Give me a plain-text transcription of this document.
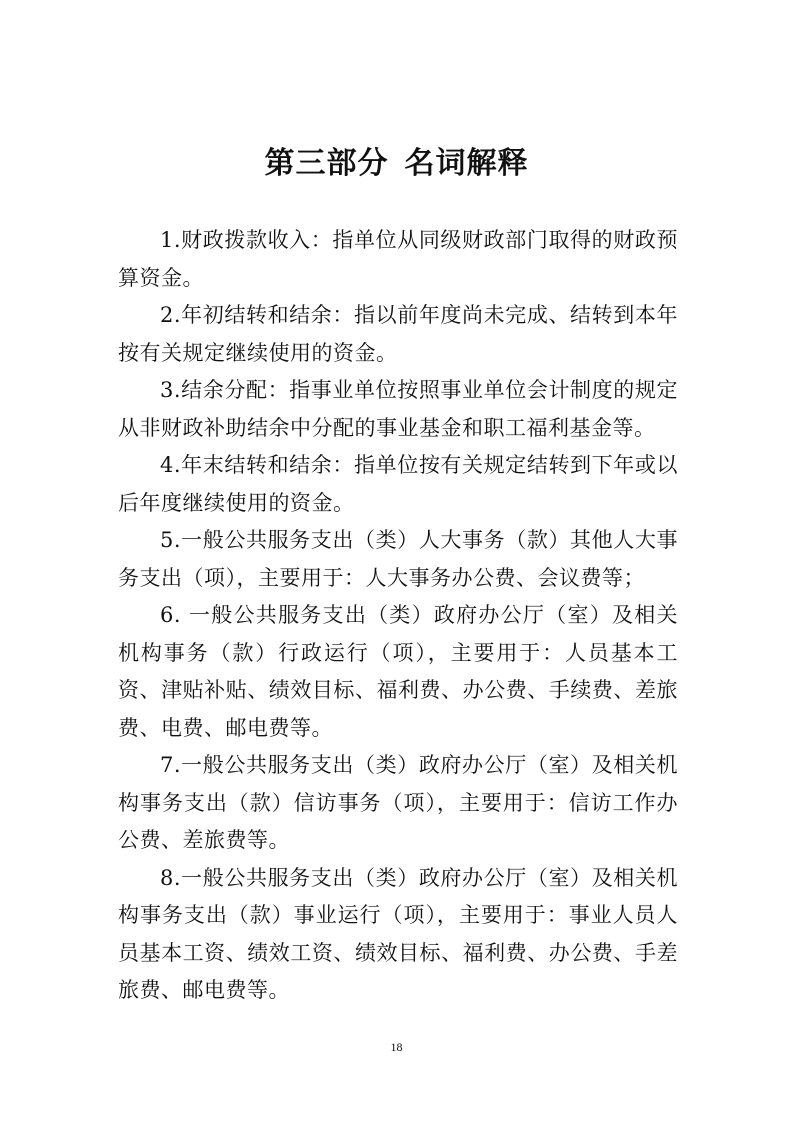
第三部分 名词解释

1.财政拨款收入：指单位从同级财政部门取得的财政预算资金。

2.年初结转和结余：指以前年度尚未完成、结转到本年按有关规定继续使用的资金。

3.结余分配：指事业单位按照事业单位会计制度的规定从非财政补助结余中分配的事业基金和职工福利基金等。

4.年末结转和结余：指单位按有关规定结转到下年或以后年度继续使用的资金。

5.一般公共服务支出（类）人大事务（款）其他人大事务支出（项），主要用于：人大事务办公费、会议费等；

6. 一般公共服务支出（类）政府办公厅（室）及相关机构事务（款）行政运行（项），主要用于：人员基本工资、津贴补贴、绩效目标、福利费、办公费、手续费、差旅费、电费、邮电费等。

7.一般公共服务支出（类）政府办公厅（室）及相关机构事务支出（款）信访事务（项），主要用于：信访工作办公费、差旅费等。

8.一般公共服务支出（类）政府办公厅（室）及相关机构事务支出（款）事业运行（项），主要用于：事业人员人员基本工资、绩效工资、绩效目标、福利费、办公费、手差旅费、邮电费等。

18
